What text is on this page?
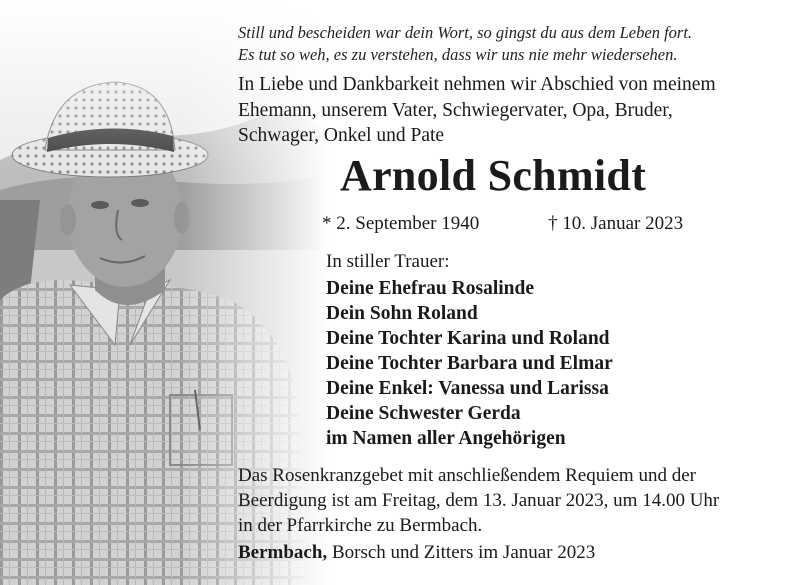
Still und bescheiden war dein Wort, so gingst du aus dem Leben fort.
Es tut so weh, es zu verstehen, dass wir uns nie mehr wiedersehen.
In Liebe und Dankbarkeit nehmen wir Abschied von meinem
Ehemann, unserem Vater, Schwiegervater, Opa, Bruder,
Schwager, Onkel und Pate
Arnold Schmidt
* 2. September 1940	† 10. Januar 2023
In stiller Trauer:
Deine Ehefrau Rosalinde
Dein Sohn Roland
Deine Tochter Karina und Roland
Deine Tochter Barbara und Elmar
Deine Enkel: Vanessa und Larissa
Deine Schwester Gerda
im Namen aller Angehörigen
Das Rosenkranzgebet mit anschließendem Requiem und der
Beerdigung ist am Freitag, dem 13. Januar 2023, um 14.00 Uhr
in der Pfarrkirche zu Bermbach.
Bermbach, Borsch und Zitters im Januar 2023
